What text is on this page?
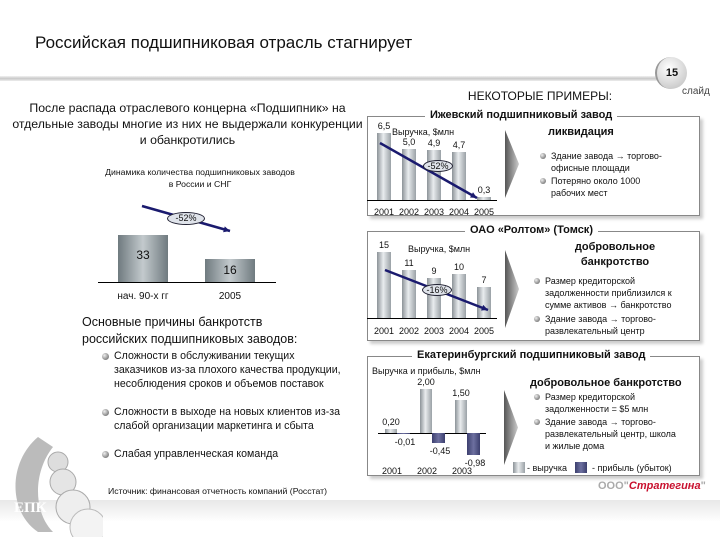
Российская подшипниковая отрасль стагнирует
15
слайд
НЕКОТОРЫЕ ПРИМЕРЫ:
После распада отраслевого концерна «Подшипник» на отдельные заводы многие из них не выдержали конкуренции и обанкротились
Динамика количества подшипниковых заводов
в России и СНГ
33
нач. 90-х гг
16
2005
-52%
Основные причины банкротств
российских подшипниковых заводов:
Сложности в обслуживании текущих заказчиков из-за плохого качества продукции, несоблюдения сроков и объемов поставок
Сложности в выходе на новых клиентов из-за слабой организации маркетинга и сбыта
Слабая управленческая команда
Источник: финансовая отчетность компаний (Росстат)
Ижевский подшипниковый завод
Выручка, $млн
6,5
2001
5,0
2002
4,9
2003
4,7
2004
0,3
2005
-52%
ликвидация
Здание завода → торгово-офисные площади
Потеряно около 1000 рабочих мест
ОАО «Ролтом» (Томск)
Выручка, $млн
15
2001
11
2002
9
2003
10
2004
7
2005
-16%
добровольное банкротство
Размер кредиторской задолженности приблизился к сумме активов → банкротство
Здание завода → торгово-развлекательный центр
Екатеринбургский подшипниковый завод
Выручка и прибыль, $млн
0,20
-0,01
2001
2,00
-0,45
2002
1,50
-0,98
2003
добровольное банкротство
Размер кредиторской задолженности = $5 млн
Здание завода → торгово-развлекательный центр, школа и жилые дома
- выручка	- прибыль (убыток)
ООО"Стратегина"
ЕПК
